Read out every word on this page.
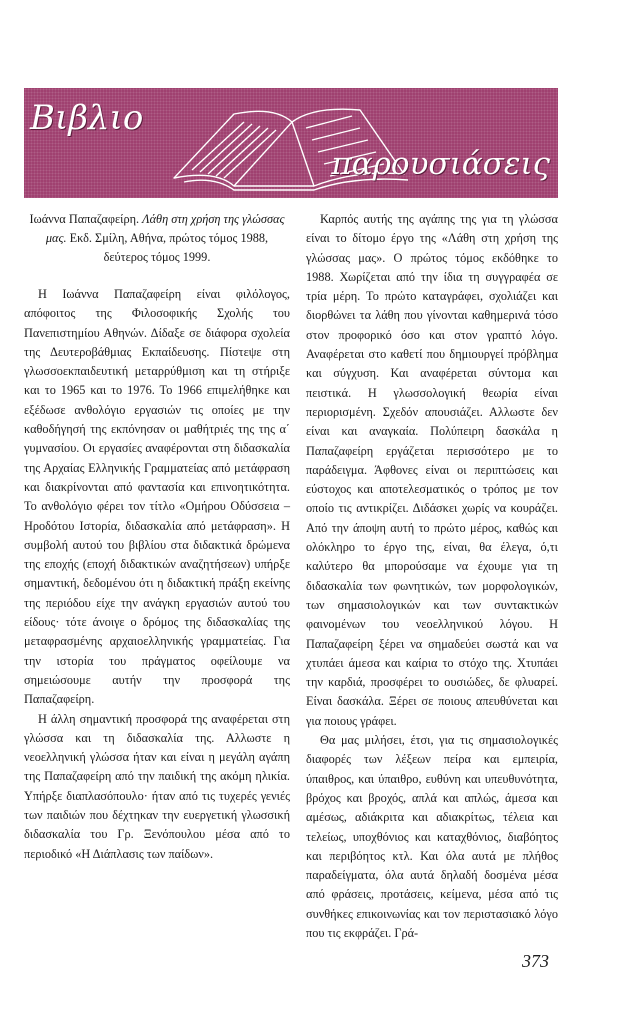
Βιβλιο
παρουσιάσεις

Ιωάννα Παπαζαφείρη. Λάθη στη χρήση της γλώσσας μας. Εκδ. Σμίλη, Αθήνα, πρώτος τόμος 1988, δεύτερος τόμος 1999.

Η Ιωάννα Παπαζαφείρη είναι φιλόλογος, απόφοιτος της Φιλοσοφικής Σχολής του Πανεπιστημίου Αθηνών. Δίδαξε σε διάφορα σχολεία της Δευτεροβάθμιας Εκπαίδευσης. Πίστεψε στη γλωσσοεκπαιδευτική μεταρρύθμιση και τη στήριξε και το 1965 και το 1976. Το 1966 επιμελήθηκε και εξέδωσε ανθολόγιο εργασιών τις οποίες με την καθοδήγησή της εκπόνησαν οι μαθήτριές της της α΄ γυμνασίου. Οι εργασίες αναφέρονται στη διδασκαλία της Αρχαίας Ελληνικής Γραμματείας από μετάφραση και διακρίνονται από φαντασία και επινοητικότητα. Το ανθολόγιο φέρει τον τίτλο «Ομήρου Οδύσσεια – Ηροδότου Ιστορία, διδασκαλία από μετάφραση». Η συμβολή αυτού του βιβλίου στα διδακτικά δρώμενα της εποχής (εποχή διδακτικών αναζητήσεων) υπήρξε σημαντική, δεδομένου ότι η διδακτική πράξη εκείνης της περιόδου είχε την ανάγκη εργασιών αυτού του είδους· τότε άνοιγε ο δρόμος της διδασκαλίας της μεταφρασμένης αρχαιοελληνικής γραμματείας. Για την ιστορία του πράγματος οφείλουμε να σημειώσουμε αυτήν την προσφορά της Παπαζαφείρη.

Η άλλη σημαντική προσφορά της αναφέρεται στη γλώσσα και τη διδασκαλία της. Αλλωστε η νεοελληνική γλώσσα ήταν και είναι η μεγάλη αγάπη της Παπαζαφείρη από την παιδική της ακόμη ηλικία. Υπήρξε διαπλασόπουλο· ήταν από τις τυχερές γενιές των παιδιών που δέχτηκαν την ευεργετική γλωσσική διδασκαλία του Γρ. Ξενόπουλου μέσα από το περιοδικό «Η Διάπλασις των παίδων».

Καρπός αυτής της αγάπης της για τη γλώσσα είναι το δίτομο έργο της «Λάθη στη χρήση της γλώσσας μας». Ο πρώτος τόμος εκδόθηκε το 1988. Χωρίζεται από την ίδια τη συγγραφέα σε τρία μέρη. Το πρώτο καταγράφει, σχολιάζει και διορθώνει τα λάθη που γίνονται καθημερινά τόσο στον προφορικό όσο και στον γραπτό λόγο. Αναφέρεται στο καθετί που δημιουργεί πρόβλημα και σύγχυση. Και αναφέρεται σύντομα και πειστικά. Η γλωσσολογική θεωρία είναι περιορισμένη. Σχεδόν απουσιάζει. Αλλωστε δεν είναι και αναγκαία. Πολύπειρη δασκάλα η Παπαζαφείρη εργάζεται περισσότερο με το παράδειγμα. Άφθονες είναι οι περιπτώσεις και εύστοχος και αποτελεσματικός ο τρόπος με τον οποίο τις αντικρίζει. Διδάσκει χωρίς να κουράζει. Από την άποψη αυτή το πρώτο μέρος, καθώς και ολόκληρο το έργο της, είναι, θα έλεγα, ό,τι καλύτερο θα μπορούσαμε να έχουμε για τη διδασκαλία των φωνητικών, των μορφολογικών, των σημασιολογικών και των συντακτικών φαινομένων του νεοελληνικού λόγου. Η Παπαζαφείρη ξέρει να σημαδεύει σωστά και να χτυπάει άμεσα και καίρια το στόχο της. Χτυπάει την καρδιά, προσφέρει το ουσιώδες, δε φλυαρεί. Είναι δασκάλα. Ξέρει σε ποιους απευθύνεται και για ποιους γράφει.

Θα μας μιλήσει, έτσι, για τις σημασιολογικές διαφορές των λέξεων πείρα και εμπειρία, ύπαιθρος, και ύπαιθρο, ευθύνη και υπευθυνότητα, βρόχος και βροχός, απλά και απλώς, άμεσα και αμέσως, αδιάκριτα και αδιακρίτως, τέλεια και τελείως, υποχθόνιος και καταχθόνιος, διαβόητος και περιβόητος κτλ. Και όλα αυτά με πλήθος παραδείγματα, όλα αυτά δηλαδή δοσμένα μέσα από φράσεις, προτάσεις, κείμενα, μέσα από τις συνθήκες επικοινωνίας και τον περιστασιακό λόγο που τις εκφράζει. Γρά-

373
